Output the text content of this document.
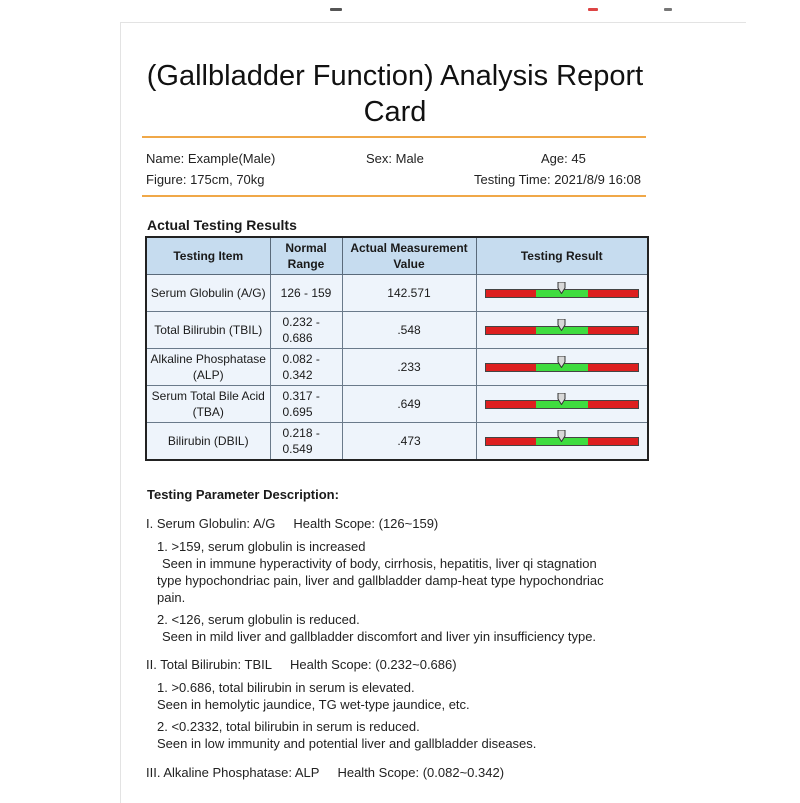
(Gallbladder Function) Analysis Report
Card
Name: Example(Male)	Sex: Male	Age: 45
Figure: 175cm, 70kg	Testing Time: 2021/8/9 16:08
Actual Testing Results
Testing Item	Normal Range	Actual Measurement Value	Testing Result
Serum Globulin (A/G)	126 - 159	142.571	

Total Bilirubin (TBIL)	0.232 - 0.686	.548	

Alkaline Phosphatase (ALP)	0.082 - 0.342	.233	

Serum Total Bile Acid (TBA)	0.317 - 0.695	.649	

Bilirubin (DBIL)	0.218 - 0.549	.473	
Testing Parameter Description:
I. Serum Globulin: A/G Health Scope: (126~159)
1. >159, serum globulin is increased
Seen in immune hyperactivity of body, cirrhosis, hepatitis, liver qi stagnation
type hypochondriac pain, liver and gallbladder damp-heat type hypochondriac
pain.
2. <126, serum globulin is reduced.
Seen in mild liver and gallbladder discomfort and liver yin insufficiency type.
II. Total Bilirubin: TBIL Health Scope: (0.232~0.686)
1. >0.686, total bilirubin in serum is elevated.
Seen in hemolytic jaundice, TG wet-type jaundice, etc.
2. <0.2332, total bilirubin in serum is reduced.
Seen in low immunity and potential liver and gallbladder diseases.
III. Alkaline Phosphatase: ALP Health Scope: (0.082~0.342)
